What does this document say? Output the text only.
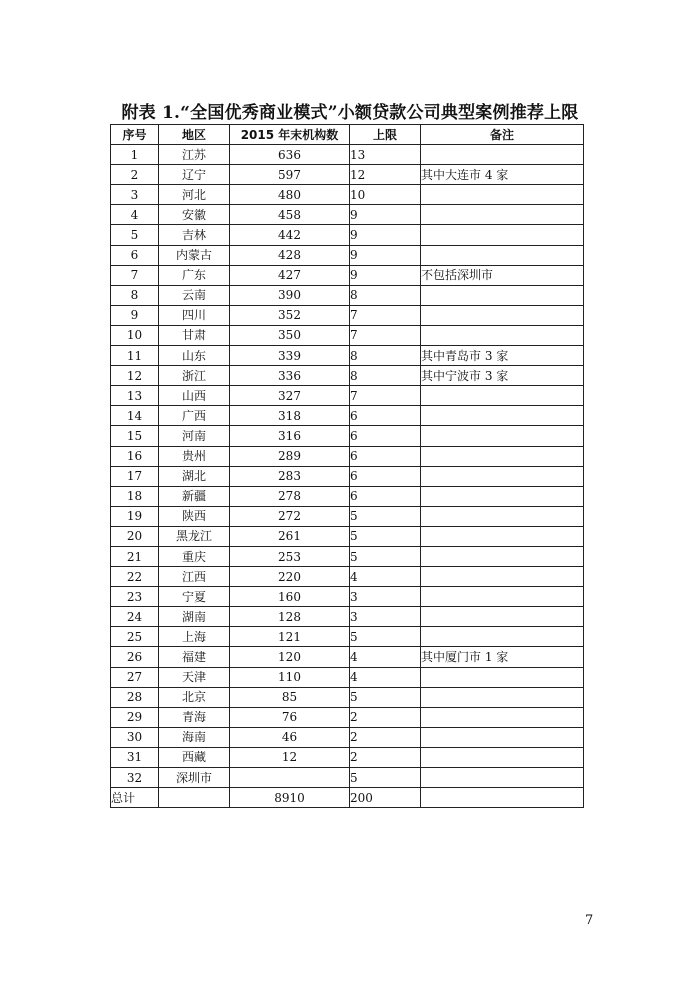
附表 1.“全国优秀商业模式”小额贷款公司典型案例推荐上限
序号	地区	2015 年末机构数	上限	备注
1	江苏	636	13	
2	辽宁	597	12	其中大连市 4 家
3	河北	480	10	
4	安徽	458	9	
5	吉林	442	9	
6	内蒙古	428	9	
7	广东	427	9	不包括深圳市
8	云南	390	8	
9	四川	352	7	
10	甘肃	350	7	
11	山东	339	8	其中青岛市 3 家
12	浙江	336	8	其中宁波市 3 家
13	山西	327	7	
14	广西	318	6	
15	河南	316	6	
16	贵州	289	6	
17	湖北	283	6	
18	新疆	278	6	
19	陕西	272	5	
20	黑龙江	261	5	
21	重庆	253	5	
22	江西	220	4	
23	宁夏	160	3	
24	湖南	128	3	
25	上海	121	5	
26	福建	120	4	其中厦门市 1 家
27	天津	110	4	
28	北京	85	5	
29	青海	76	2	
30	海南	46	2	
31	西藏	12	2	
32	深圳市		5	
总计		8910	200	
7
